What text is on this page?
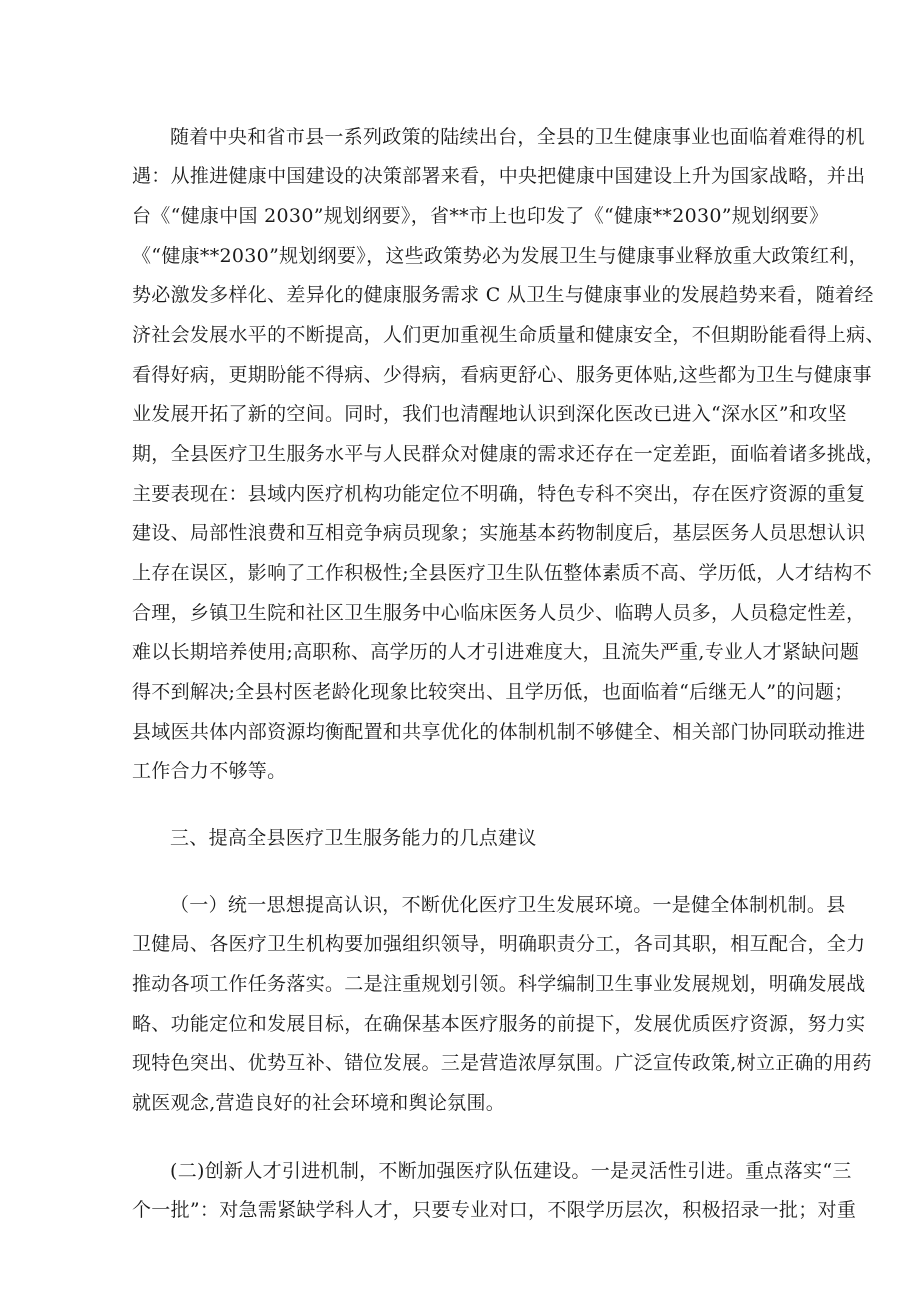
随着中央和省市县一系列政策的陆续出台，全县的卫生健康事业也面临着难得的机
遇：从推进健康中国建设的决策部署来看，中央把健康中国建设上升为国家战略，并出
台《“健康中国 2030”规划纲要》，省**市上也印发了《“健康**2030”规划纲要》
《“健康**2030”规划纲要》，这些政策势必为发展卫生与健康事业释放重大政策红利，
势必激发多样化、差异化的健康服务需求 C 从卫生与健康事业的发展趋势来看，随着经
济社会发展水平的不断提高，人们更加重视生命质量和健康安全，不但期盼能看得上病、
看得好病，更期盼能不得病、少得病，看病更舒心、服务更体贴,这些都为卫生与健康事
业发展开拓了新的空间。同时，我们也清醒地认识到深化医改已进入“深水区”和攻坚
期，全县医疗卫生服务水平与人民群众对健康的需求还存在一定差距，面临着诸多挑战，
主要表现在：县域内医疗机构功能定位不明确，特色专科不突出，存在医疗资源的重复
建设、局部性浪费和互相竞争病员现象；实施基本药物制度后，基层医务人员思想认识
上存在误区，影响了工作积极性;全县医疗卫生队伍整体素质不高、学历低，人才结构不
合理，乡镇卫生院和社区卫生服务中心临床医务人员少、临聘人员多，人员稳定性差，
难以长期培养使用;高职称、高学历的人才引进难度大，且流失严重,专业人才紧缺问题
得不到解决;全县村医老龄化现象比较突出、且学历低，也面临着“后继无人”的问题；
县域医共体内部资源均衡配置和共享优化的体制机制不够健全、相关部门协同联动推进
工作合力不够等。
三、提高全县医疗卫生服务能力的几点建议
（一）统一思想提高认识，不断优化医疗卫生发展环境。一是健全体制机制。县
卫健局、各医疗卫生机构要加强组织领导，明确职责分工，各司其职，相互配合，全力
推动各项工作任务落实。二是注重规划引领。科学编制卫生事业发展规划，明确发展战
略、功能定位和发展目标，在确保基本医疗服务的前提下，发展优质医疗资源，努力实
现特色突出、优势互补、错位发展。三是营造浓厚氛围。广泛宣传政策,树立正确的用药
就医观念,营造良好的社会环境和舆论氛围。
(二)创新人才引进机制，不断加强医疗队伍建设。一是灵活性引进。重点落实“三
个一批”：对急需紧缺学科人才，只要专业对口，不限学历层次，积极招录一批；对重
